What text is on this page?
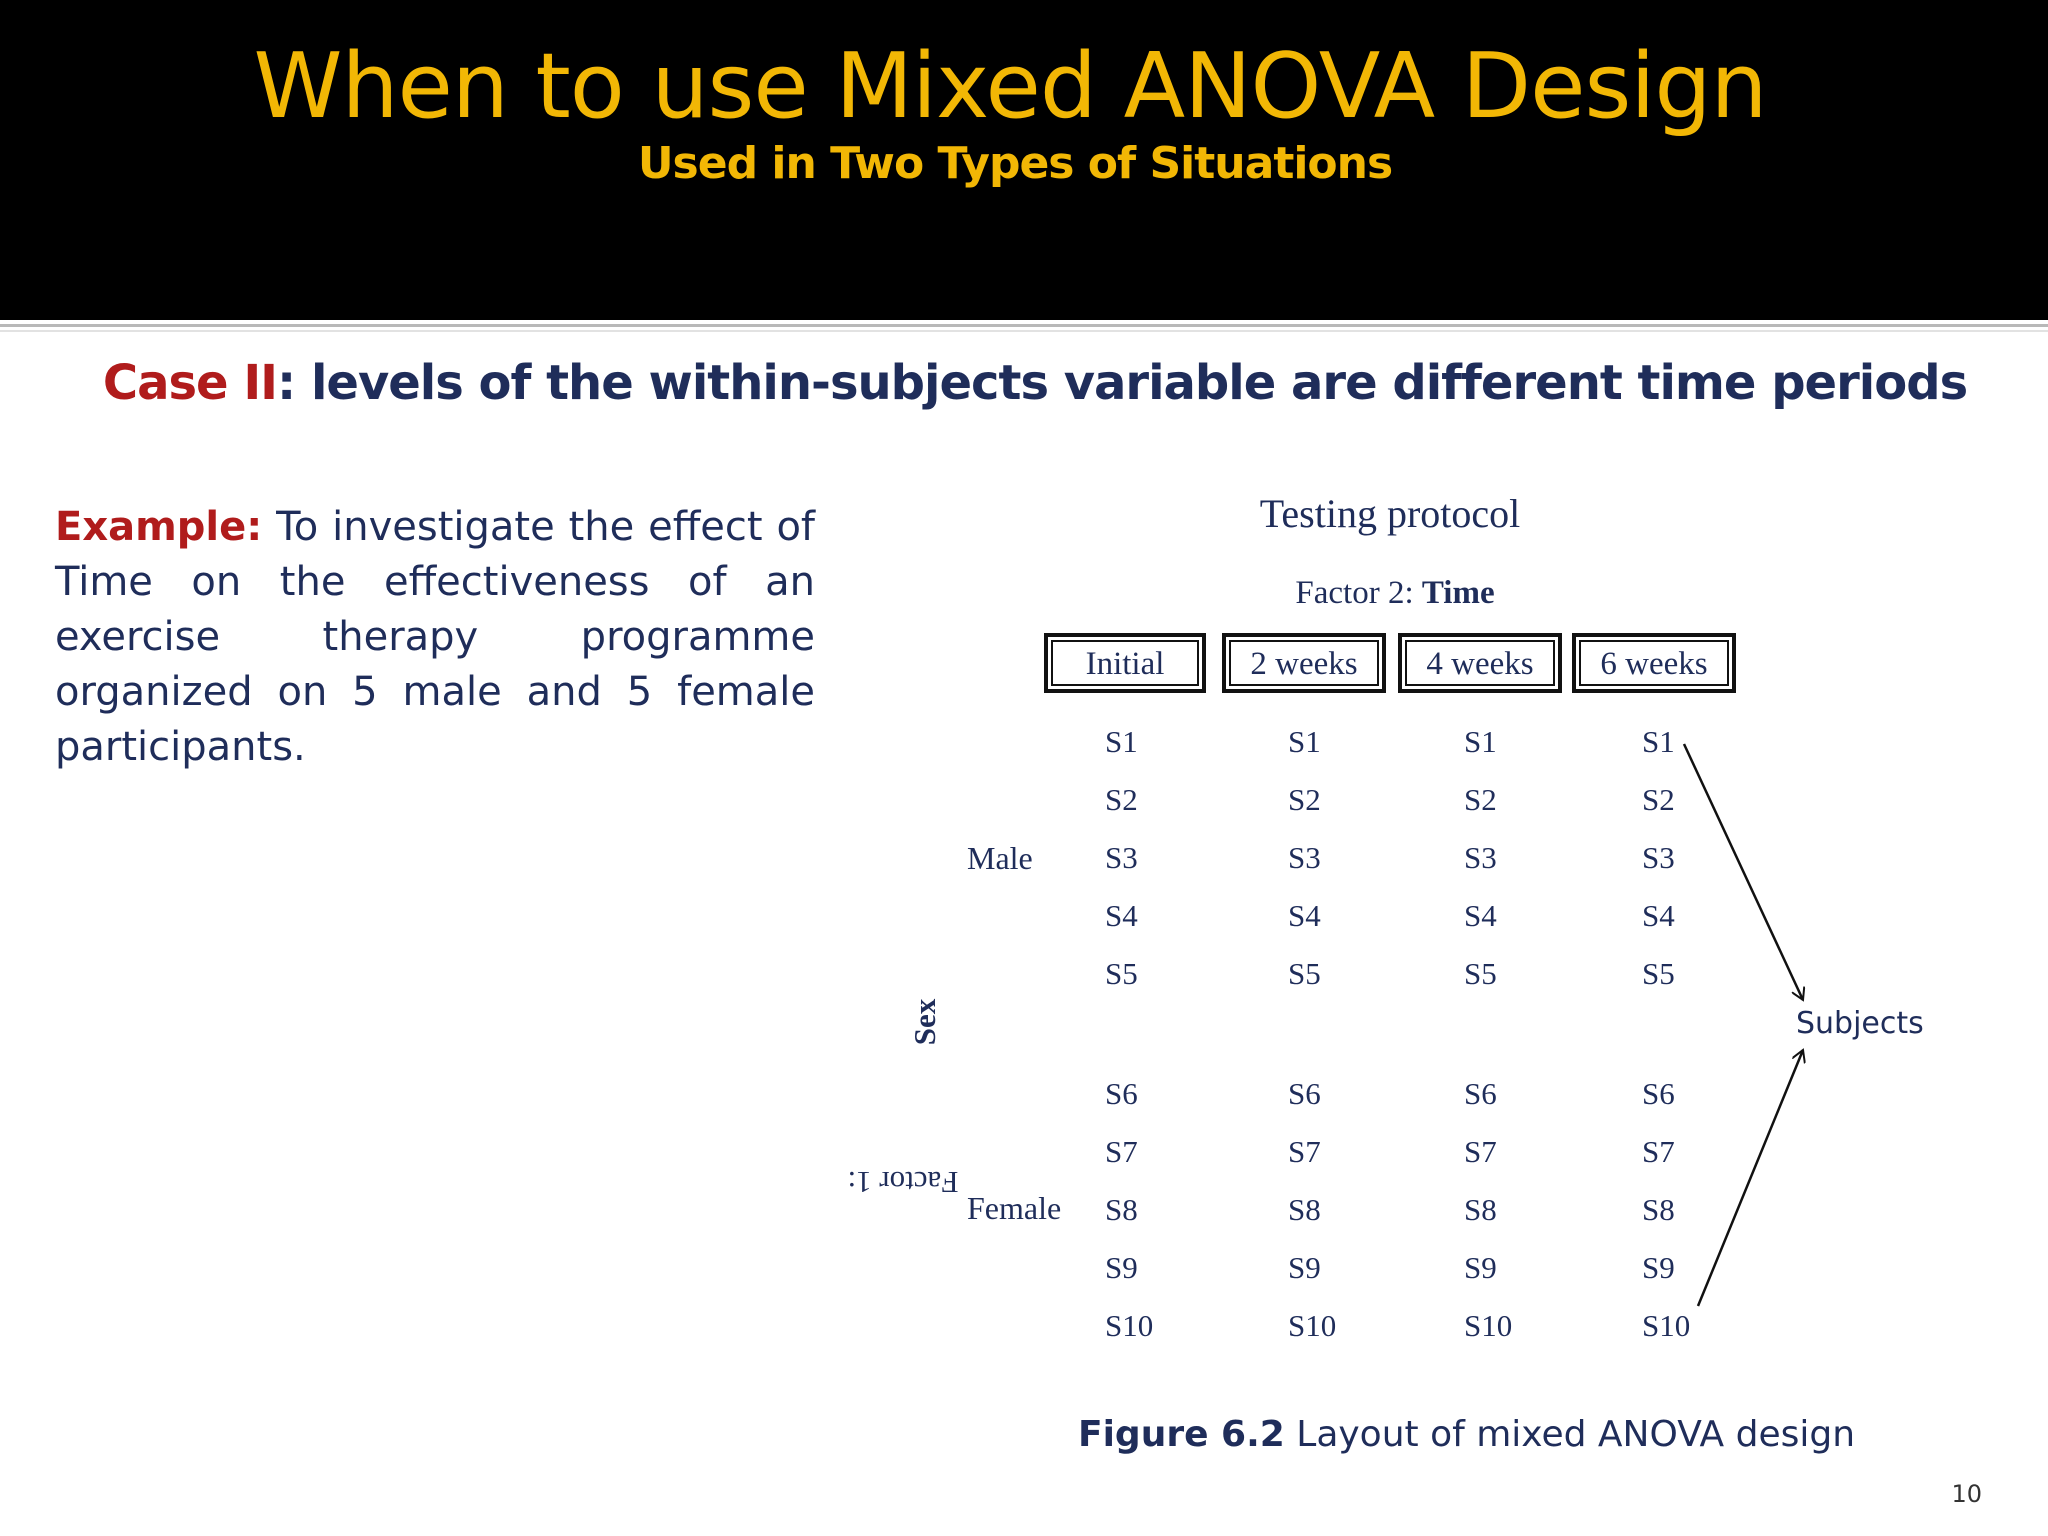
When to use Mixed ANOVA Design
Used in Two Types of Situations
Case II: levels of the within-subjects variable are different time periods
Example: To investigate the effect of Time on the effectiveness of an exercise therapy programme organized on 5 male and 5 female participants.
Testing protocol
Factor 2: Time
Initial	2 weeks	4 weeks	6 weeks
Male
Female
Factor 1:
Sex
S1	S1	S1	S1
S2	S2	S2	S2
S3	S3	S3	S3
S4	S4	S4	S4
S5	S5	S5	S5
S6	S6	S6	S6
S7	S7	S7	S7
S8	S8	S8	S8
S9	S9	S9	S9
S10	S10	S10	S10
Subjects
Figure 6.2 Layout of mixed ANOVA design
10
